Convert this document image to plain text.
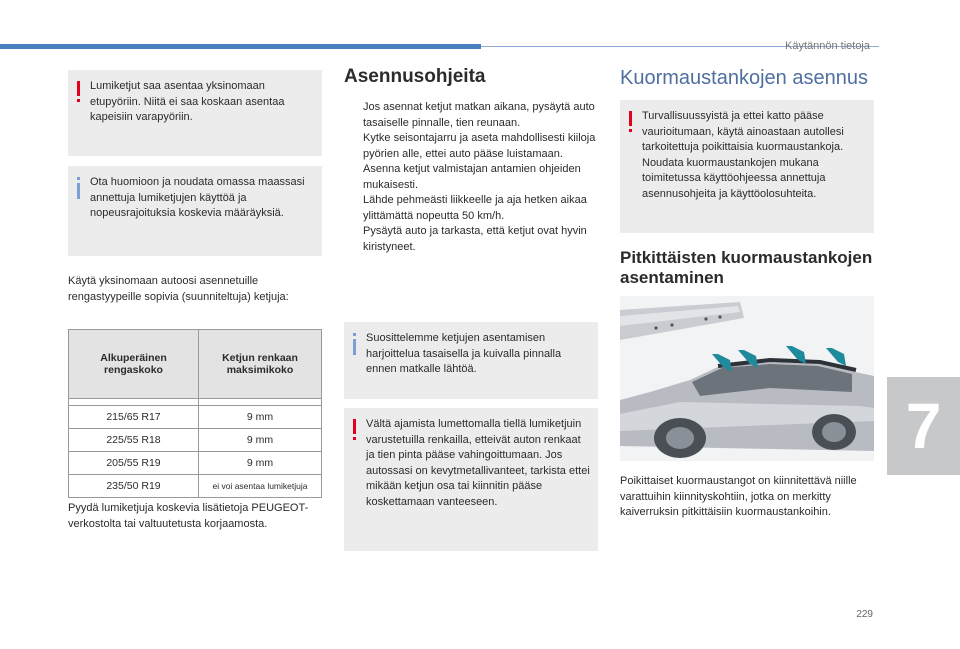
Käytännön tietoja
7
Lumiketjut saa asentaa yksinomaan etupyöriin. Niitä ei saa koskaan asentaa kapeisiin varapyöriin.
Ota huomioon ja noudata omassa maassasi annettuja lumiketjujen käyttöä ja nopeusrajoituksia koskevia määräyksiä.
Käytä yksinomaan autoosi asennetuille rengastyypeille sopivia (suunniteltuja) ketjuja:
Alkuperäinen rengaskoko	Ketjun renkaan maksimikoko

215/65 R17	9 mm
225/55 R18	9 mm
205/55 R19	9 mm
235/50 R19	ei voi asentaa lumiketjuja
Pyydä lumiketjuja koskevia lisätietoja PEUGEOT-verkostolta tai valtuutetusta korjaamosta.
Asennusohjeita
Jos asennat ketjut matkan aikana, pysäytä auto tasaiselle pinnalle, tien reunaan.
Kytke seisontajarru ja aseta mahdollisesti kiiloja pyörien alle, ettei auto pääse luistamaan.
Asenna ketjut valmistajan antamien ohjeiden mukaisesti.
Lähde pehmeästi liikkeelle ja aja hetken aikaa ylittämättä nopeutta 50 km/h.
Pysäytä auto ja tarkasta, että ketjut ovat hyvin kiristyneet.
Suosittelemme ketjujen asentamisen harjoittelua tasaisella ja kuivalla pinnalla ennen matkalle lähtöä.
Vältä ajamista lumettomalla tiellä lumiketjuin varustetuilla renkailla, etteivät auton renkaat ja tien pinta pääse vahingoittumaan. Jos autossasi on kevytmetallivanteet, tarkista ettei mikään ketjun osa tai kiinnitin pääse koskettamaan vanteeseen.
Kuormaustankojen asennus
Turvallisuussyistä ja ettei katto pääse vaurioitumaan, käytä ainoastaan autollesi tarkoitettuja poikittaisia kuormaustankoja. Noudata kuormaustankojen mukana toimitetussa käyttöohjeessa annettuja asennusohjeita ja käyttöolosuhteita.
Pitkittäisten kuormaustankojen asentaminen
Poikittaiset kuormaustangot on kiinnitettävä niille varattuihin kiinnityskohtiin, jotka on merkitty kaiverruksin pitkittäisiin kuormaustankoihin.
229
